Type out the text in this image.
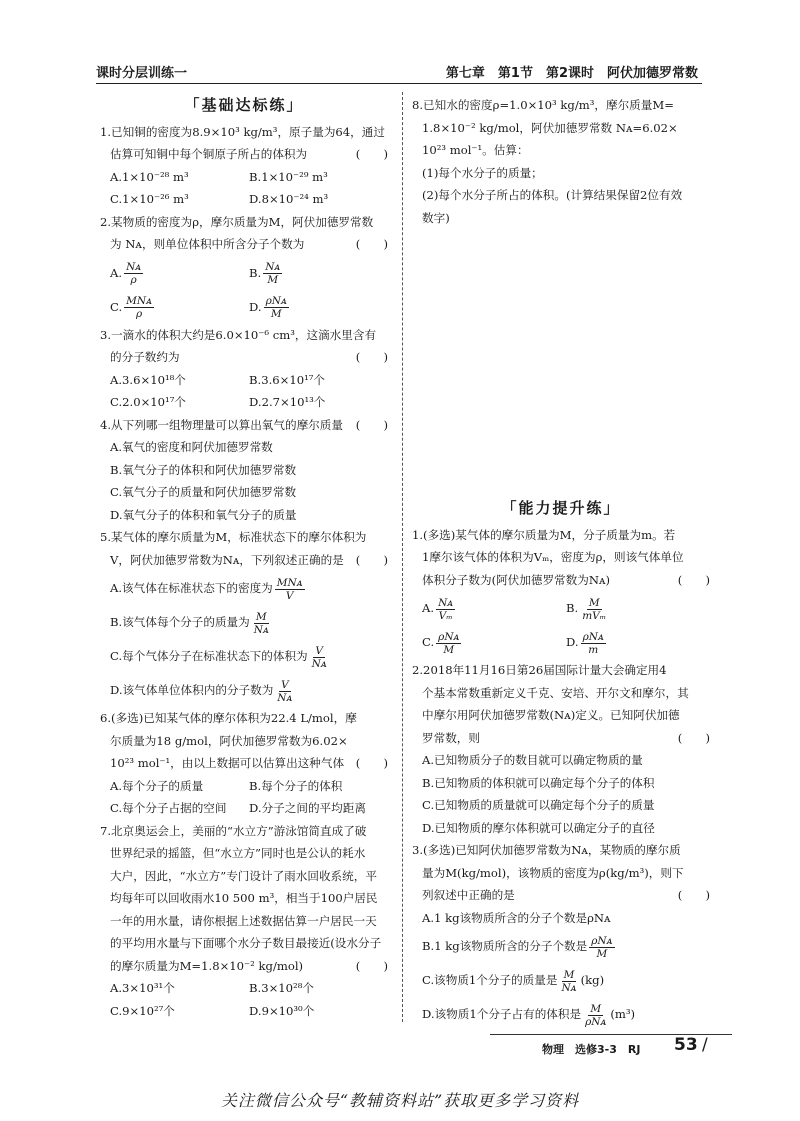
课时分层训练一	第七章　第1节　第2课时　阿伏加德罗常数
「基础达标练」
1.已知铜的密度为8.9×10³ kg/m³，原子量为64，通过
估算可知铜中每个铜原子所占的体积为	(　　)
A.1×10⁻²⁸ m³	B.1×10⁻²⁹ m³
C.1×10⁻²⁶ m³	D.8×10⁻²⁴ m³
2.某物质的密度为ρ，摩尔质量为M，阿伏加德罗常数
为 Nᴀ，则单位体积中所含分子个数为	(　　)
A. $\frac{\text{Nᴀ}}{\rho}$	B. $\frac{\text{Nᴀ}}{M}$
C. $\frac{\text{MNᴀ}}{\rho}$	D. $\frac{\text{ρNᴀ}}{M}$
3.一滴水的体积大约是6.0×10⁻⁶ cm³，这滴水里含有
的分子数约为	(　　)
A.3.6×10¹⁸个	B.3.6×10¹⁷个
C.2.0×10¹⁷个	D.2.7×10¹³个
4.从下列哪一组物理量可以算出氧气的摩尔质量 (　　)
A.氧气的密度和阿伏加德罗常数
B.氧气分子的体积和阿伏加德罗常数
C.氧气分子的质量和阿伏加德罗常数
D.氧气分子的体积和氧气分子的质量
5.某气体的摩尔质量为M，标准状态下的摩尔体积为
V，阿伏加德罗常数为Nᴀ，下列叙述正确的是 (　　)
A.该气体在标准状态下的密度为 $\frac{\text{MNᴀ}}{V}$
B.该气体每个分子的质量为 $\frac{M}{\text{Nᴀ}}$
C.每个气体分子在标准状态下的体积为 $\frac{V}{\text{Nᴀ}}$
D.该气体单位体积内的分子数为 $\frac{V}{\text{Nᴀ}}$
6.(多选)已知某气体的摩尔体积为22.4 L/mol，摩
尔质量为18 g/mol，阿伏加德罗常数为6.02×
10²³ mol⁻¹，由以上数据可以估算出这种气体 (　　)
A.每个分子的质量	B.每个分子的体积
C.每个分子占据的空间	D.分子之间的平均距离
7.北京奥运会上，美丽的“水立方”游泳馆简直成了破
世界纪录的摇篮，但“水立方”同时也是公认的耗水
大户，因此，“水立方”专门设计了雨水回收系统，平
均每年可以回收雨水10 500 m³，相当于100户居民
一年的用水量，请你根据上述数据估算一户居民一天
的平均用水量与下面哪个水分子数目最接近(设水分子
的摩尔质量为M=1.8×10⁻² kg/mol)	(　　)
A.3×10³¹个	B.3×10²⁸个
C.9×10²⁷个	D.9×10³⁰个
8.已知水的密度ρ=1.0×10³ kg/m³，摩尔质量M=
1.8×10⁻² kg/mol，阿伏加德罗常数 Nᴀ=6.02×
10²³ mol⁻¹。估算：
(1)每个水分子的质量；
(2)每个水分子所占的体积。(计算结果保留2位有效
数字)
「能力提升练」
1.(多选)某气体的摩尔质量为M，分子质量为m。若
1摩尔该气体的体积为Vₘ，密度为ρ，则该气体单位
体积分子数为(阿伏加德罗常数为Nᴀ)	(　　)
A. $\frac{\text{Nᴀ}}{\text{Vₘ}}$	B. $\frac{M}{\text{mVₘ}}$
C. $\frac{\text{ρNᴀ}}{M}$	D. $\frac{\text{ρNᴀ}}{m}$
2.2018年11月16日第26届国际计量大会确定用4
个基本常数重新定义千克、安培、开尔文和摩尔，其
中摩尔用阿伏加德罗常数(Nᴀ)定义。已知阿伏加德
罗常数，则	(　　)
A.已知物质分子的数目就可以确定物质的量
B.已知物质的体积就可以确定每个分子的体积
C.已知物质的质量就可以确定每个分子的质量
D.已知物质的摩尔体积就可以确定分子的直径
3.(多选)已知阿伏加德罗常数为Nᴀ，某物质的摩尔质
量为M(kg/mol)，该物质的密度为ρ(kg/m³)，则下
列叙述中正确的是	(　　)
A.1 kg该物质所含的分子个数是ρNᴀ
B.1 kg该物质所含的分子个数是 $\frac{\text{ρNᴀ}}{M}$
C.该物质1个分子的质量是 $\frac{M}{\text{Nᴀ}} (kg)$
D.该物质1个分子占有的体积是 $\frac{M}{\text{ρNᴀ}} (m^3)$
物理　选修3-3　RJ 53 /
关注微信公众号“教辅资料站”获取更多学习资料
